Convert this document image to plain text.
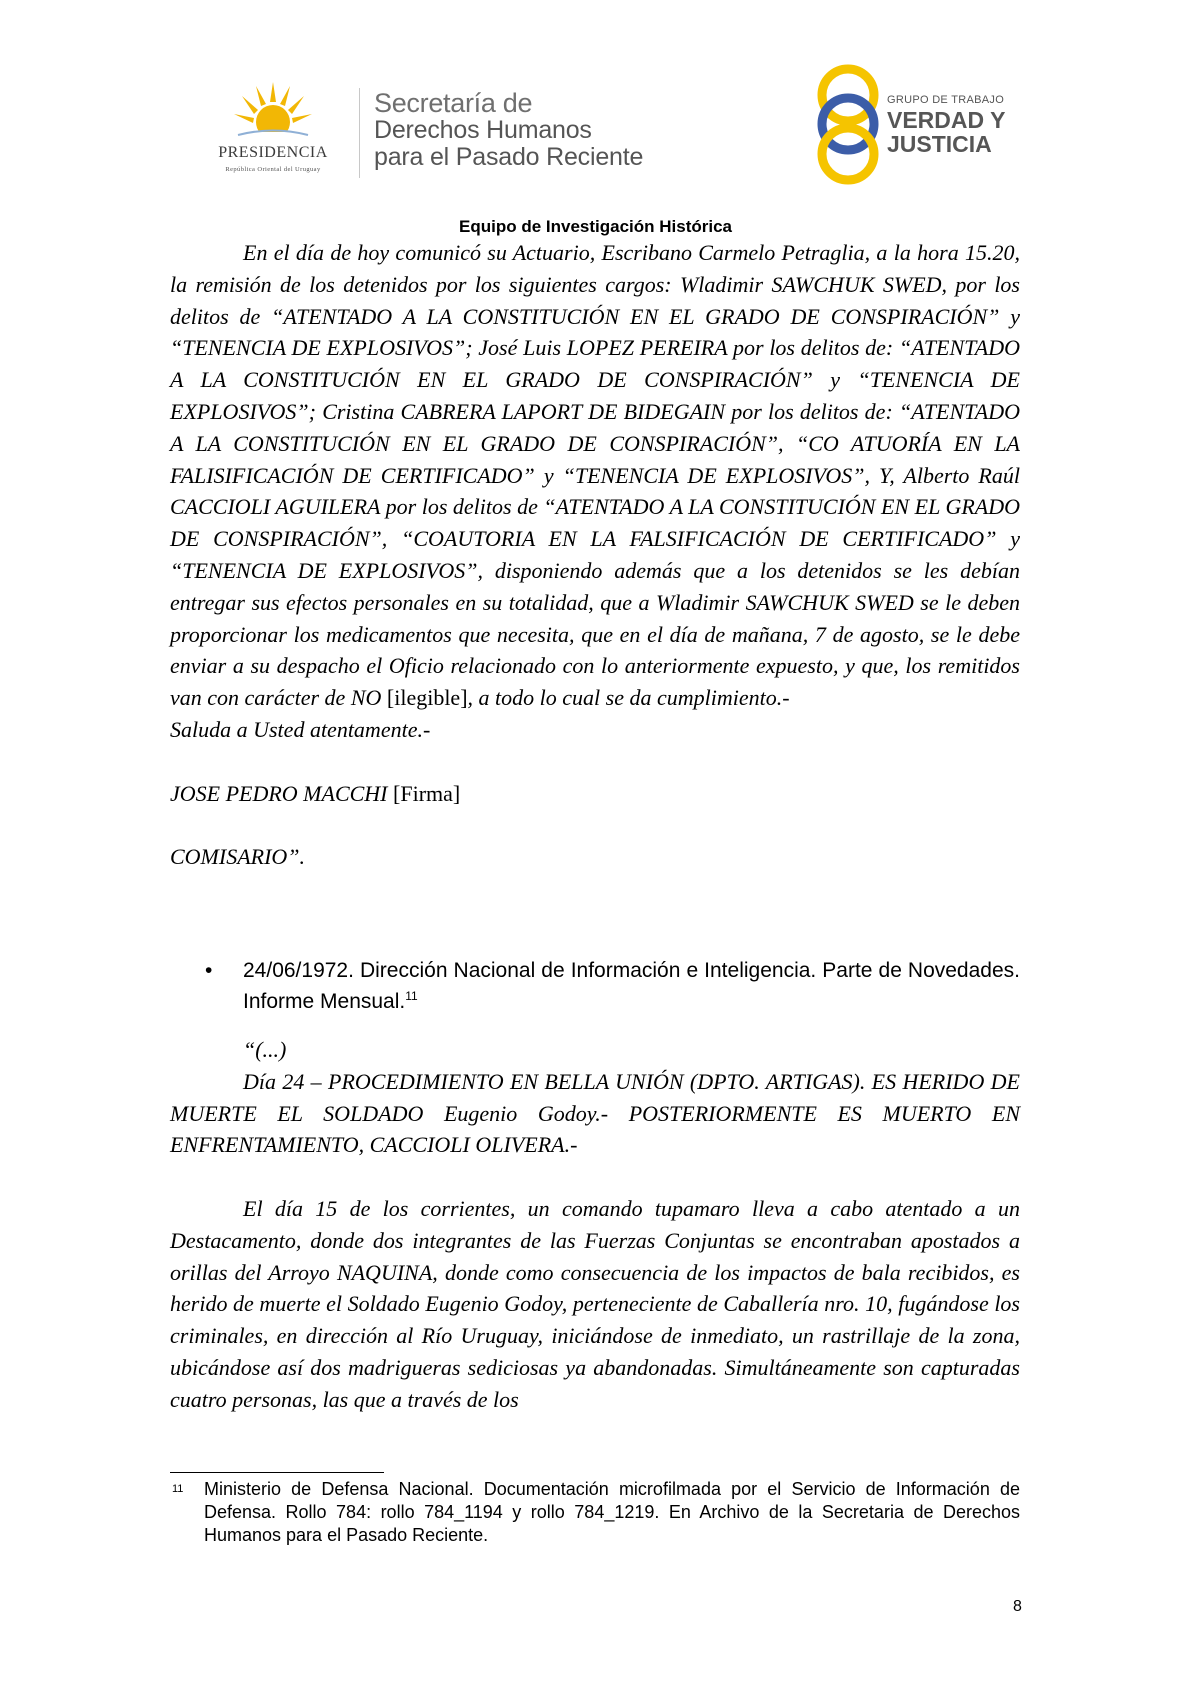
PRESIDENCIA
República Oriental del Uruguay
Secretaría de
Derechos Humanos
para el Pasado Reciente
GRUPO DE TRABAJO
VERDAD Y
JUSTICIA
Equipo de Investigación Histórica

En el día de hoy comunicó su Actuario, Escribano Carmelo Petraglia, a la hora 15.20, la remisión de los detenidos por los siguientes cargos: Wladimir SAWCHUK SWED, por los delitos de “ATENTADO A LA CONSTITUCIÓN EN EL GRADO DE CONSPIRACIÓN” y “TENENCIA DE EXPLOSIVOS”; José Luis LOPEZ PEREIRA por los delitos de: “ATENTADO A LA CONSTITUCIÓN EN EL GRADO DE CONSPIRACIÓN” y “TENENCIA DE EXPLOSIVOS”; Cristina CABRERA LAPORT DE BIDEGAIN por los delitos de: “ATENTADO A LA CONSTITUCIÓN EN EL GRADO DE CONSPIRACIÓN”, “CO ATUORÍA EN LA FALISIFICACIÓN DE CERTIFICADO” y “TENENCIA DE EXPLOSIVOS”, Y, Alberto Raúl CACCIOLI AGUILERA por los delitos de “ATENTADO A LA CONSTITUCIÓN EN EL GRADO DE CONSPIRACIÓN”, “COAUTORIA EN LA FALSIFICACIÓN DE CERTIFICADO” y “TENENCIA DE EXPLOSIVOS”, disponiendo además que a los detenidos se les debían entregar sus efectos personales en su totalidad, que a Wladimir SAWCHUK SWED se le deben proporcionar los medicamentos que necesita, que en el día de mañana, 7 de agosto, se le debe enviar a su despacho el Oficio relacionado con lo anteriormente expuesto, y que, los remitidos van con carácter de NO [ilegible], a todo lo cual se da cumplimiento.-

Saluda a Usted atentamente.-

JOSE PEDRO MACCHI [Firma]

COMISARIO”.

• 24/06/1972. Dirección Nacional de Información e Inteligencia. Parte de Novedades. Informe Mensual.$^{11}$

“(...)

Día 24 – PROCEDIMIENTO EN BELLA UNIÓN (DPTO. ARTIGAS). ES HERIDO DE MUERTE EL SOLDADO Eugenio Godoy.- POSTERIORMENTE ES MUERTO EN ENFRENTAMIENTO, CACCIOLI OLIVERA.-

El día 15 de los corrientes, un comando tupamaro lleva a cabo atentado a un Destacamento, donde dos integrantes de las Fuerzas Conjuntas se encontraban apostados a orillas del Arroyo NAQUINA, donde como consecuencia de los impactos de bala recibidos, es herido de muerte el Soldado Eugenio Godoy, perteneciente de Caballería nro. 10, fugándose los criminales, en dirección al Río Uruguay, iniciándose de inmediato, un rastrillaje de la zona, ubicándose así dos madrigueras sediciosas ya abandonadas. Simultáneamente son capturadas cuatro personas, las que a través de los

11 Ministerio de Defensa Nacional. Documentación microfilmada por el Servicio de Información de Defensa. Rollo 784: rollo 784_1194 y rollo 784_1219. En Archivo de la Secretaria de Derechos Humanos para el Pasado Reciente.
8
